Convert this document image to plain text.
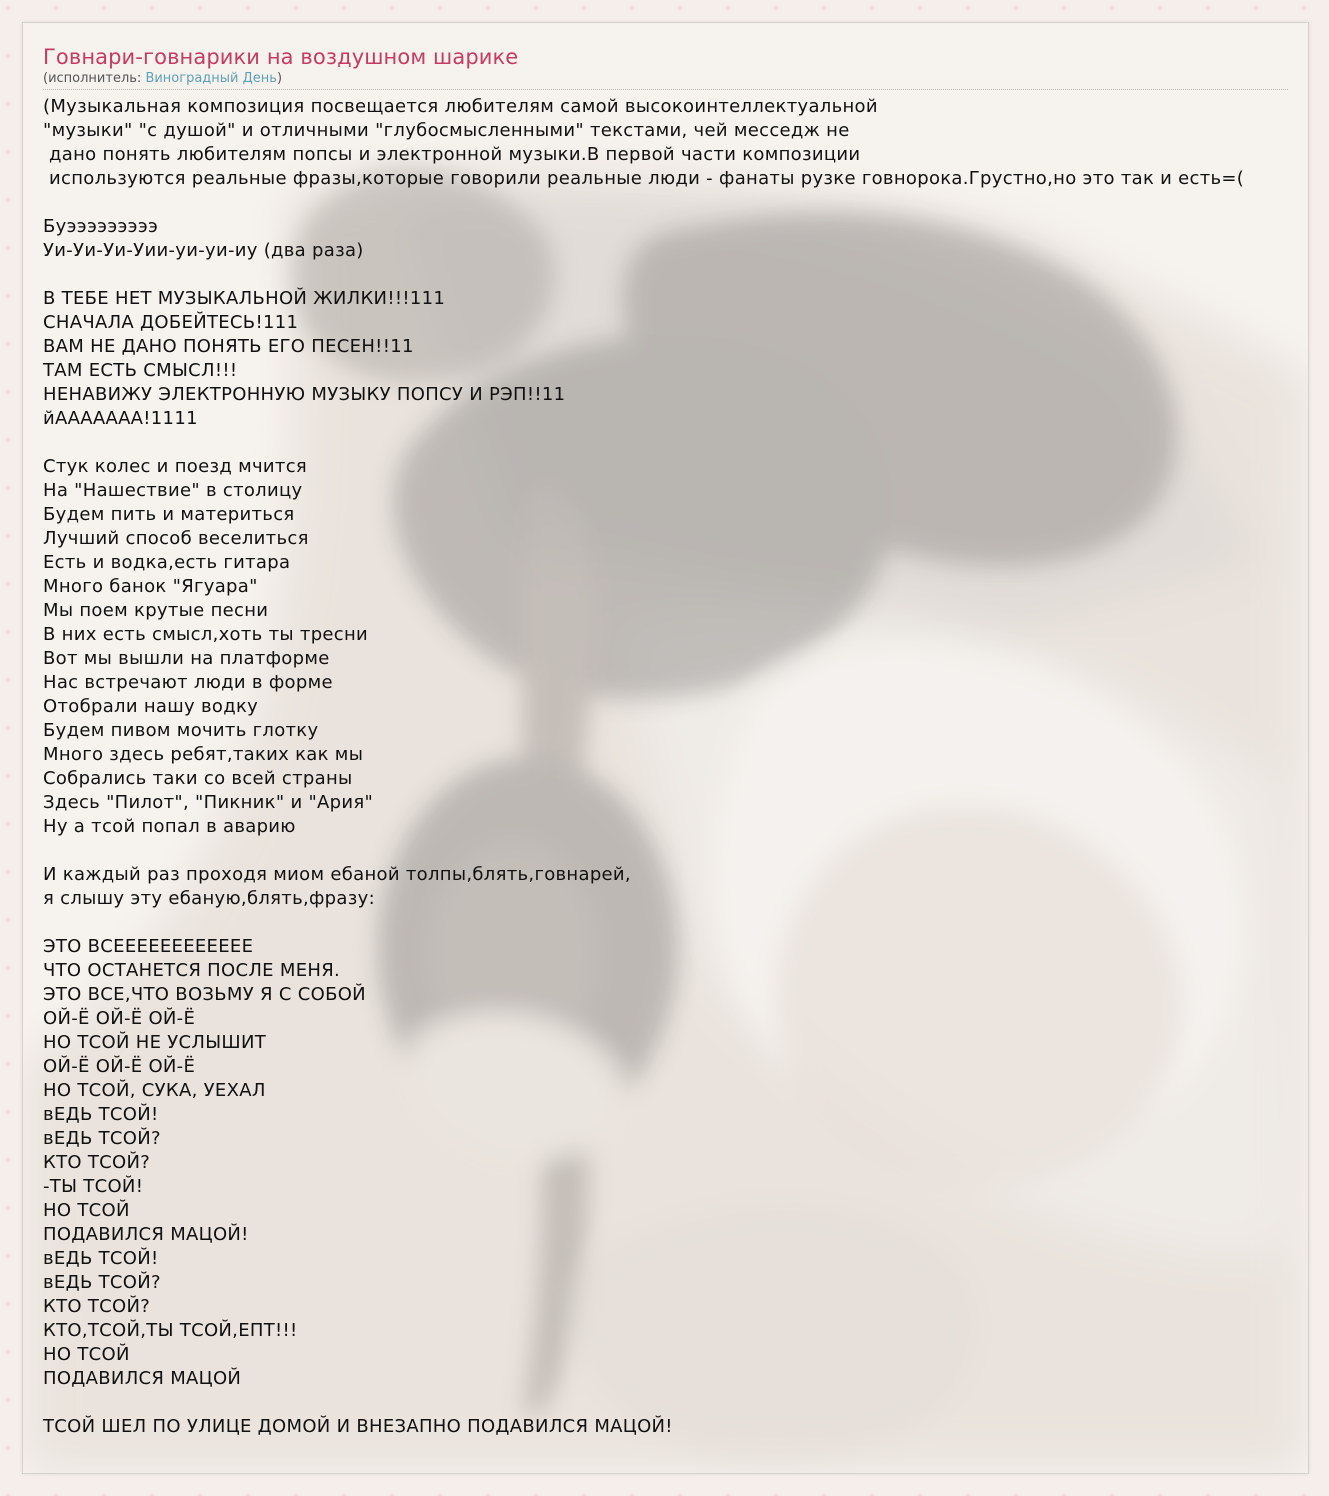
Говнари-говнарики на воздушном шарике
(исполнитель: Виноградный День)
(Музыкальная композиция посвещается любителям самой высокоинтеллектуальной
"музыки" "с душой" и отличными "глубосмысленными" текстами, чей месседж не
дано понять любителям попсы и электронной музыки.В первой части композиции
используются реальные фразы,которые говорили реальные люди - фанаты рузке говнорока.Грустно,но это так и есть=(

Буэээээээээ
Уи-Уи-Уи-Уии-уи-уи-иу (два раза)

В ТЕБЕ НЕТ МУЗЫКАЛЬНОЙ ЖИЛКИ!!!111
СНАЧАЛА ДОБЕЙТЕСЬ!111
ВАМ НЕ ДАНО ПОНЯТЬ ЕГО ПЕСЕН!!11
ТАМ ЕСТЬ СМЫСЛ!!!
НЕНАВИЖУ ЭЛЕКТРОННУЮ МУЗЫКУ ПОПСУ И РЭП!!11
йААААААА!1111

Стук колес и поезд мчится
На "Нашествие" в столицу
Будем пить и материться
Лучший способ веселиться
Есть и водка,есть гитара
Много банок "Ягуара"
Мы поем крутые песни
В них есть смысл,хоть ты тресни
Вот мы вышли на платформе
Нас встречают люди в форме
Отобрали нашу водку
Будем пивом мочить глотку
Много здесь ребят,таких как мы
Собрались таки со всей страны
Здесь "Пилот", "Пикник" и "Ария"
Ну а тсой попал в аварию

И каждый раз проходя миом ебаной толпы,блять,говнарей,
я слышу эту ебаную,блять,фразу:

ЭТО ВСЕЕЕЕЕЕЕЕЕЕЕЕ
ЧТО ОСТАНЕТСЯ ПОСЛЕ МЕНЯ.
ЭТО ВСЕ,ЧТО ВОЗЬМУ Я С СОБОЙ
ОЙ-Ё ОЙ-Ё ОЙ-Ё
НО ТСОЙ НЕ УСЛЫШИТ
ОЙ-Ё ОЙ-Ё ОЙ-Ё
НО ТСОЙ, СУКА, УЕХАЛ
вЕДЬ ТСОЙ!
вЕДЬ ТСОЙ?
КТО ТСОЙ?
-ТЫ ТСОЙ!
НО ТСОЙ
ПОДАВИЛСЯ МАЦОЙ!
вЕДЬ ТСОЙ!
вЕДЬ ТСОЙ?
КТО ТСОЙ?
КТО,ТСОЙ,ТЫ ТСОЙ,ЕПТ!!!
НО ТСОЙ
ПОДАВИЛСЯ МАЦОЙ

ТСОЙ ШЕЛ ПО УЛИЦЕ ДОМОЙ И ВНЕЗАПНО ПОДАВИЛСЯ МАЦОЙ!
